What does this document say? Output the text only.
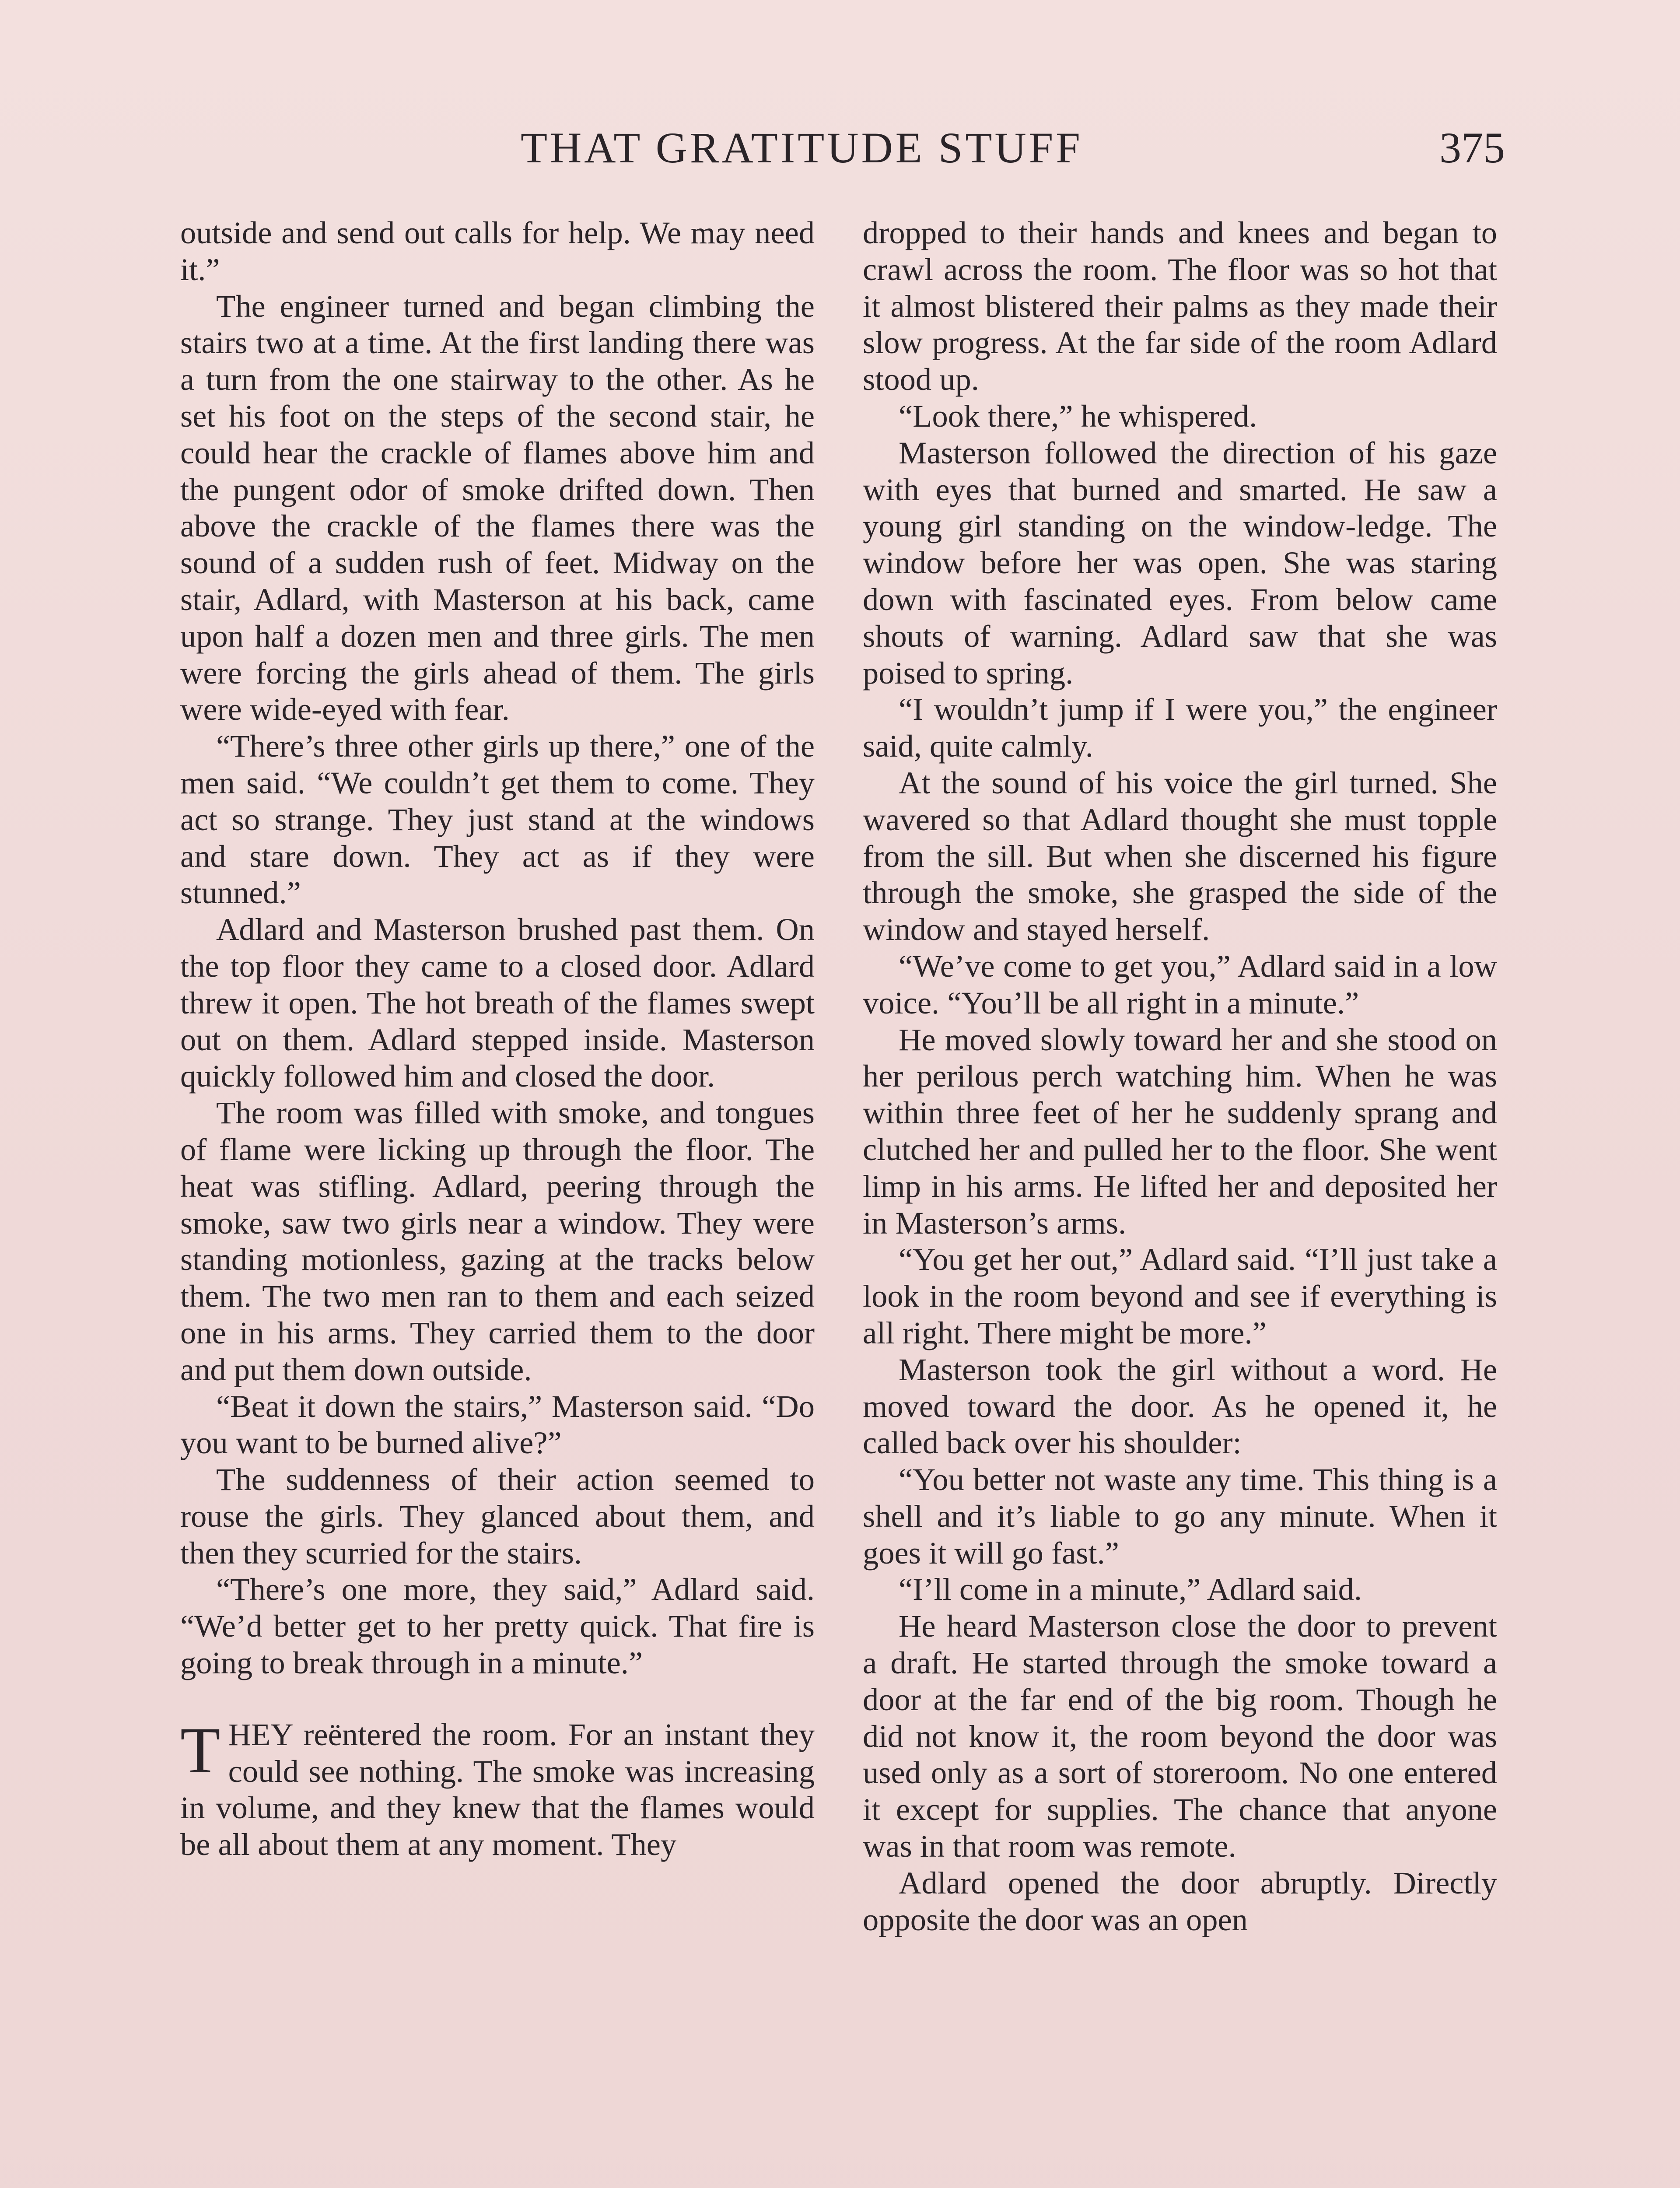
THAT GRATITUDE STUFF	375

outside and send out calls for help. We may need it.”

The engineer turned and began climbing the stairs two at a time. At the first landing there was a turn from the one stairway to the other. As he set his foot on the steps of the second stair, he could hear the crackle of flames above him and the pungent odor of smoke drifted down. Then above the crackle of the flames there was the sound of a sudden rush of feet. Midway on the stair, Adlard, with Masterson at his back, came upon half a dozen men and three girls. The men were forcing the girls ahead of them. The girls were wide-eyed with fear.

“There’s three other girls up there,” one of the men said. “We couldn’t get them to come. They act so strange. They just stand at the windows and stare down. They act as if they were stunned.”

Adlard and Masterson brushed past them. On the top floor they came to a closed door. Adlard threw it open. The hot breath of the flames swept out on them. Adlard stepped inside. Masterson quickly followed him and closed the door.

The room was filled with smoke, and tongues of flame were licking up through the floor. The heat was stifling. Adlard, peering through the smoke, saw two girls near a window. They were standing motionless, gazing at the tracks below them. The two men ran to them and each seized one in his arms. They carried them to the door and put them down outside.

“Beat it down the stairs,” Masterson said. “Do you want to be burned alive?”

The suddenness of their action seemed to rouse the girls. They glanced about them, and then they scurried for the stairs.

“There’s one more, they said,” Adlard said. “We’d better get to her pretty quick. That fire is going to break through in a minute.”

THEY reëntered the room. For an instant they could see nothing. The smoke was increasing in volume, and they knew that the flames would be all about them at any moment. They

dropped to their hands and knees and began to crawl across the room. The floor was so hot that it almost blistered their palms as they made their slow progress. At the far side of the room Adlard stood up.

“Look there,” he whispered.

Masterson followed the direction of his gaze with eyes that burned and smarted. He saw a young girl standing on the window-ledge. The window before her was open. She was staring down with fascinated eyes. From below came shouts of warning. Adlard saw that she was poised to spring.

“I wouldn’t jump if I were you,” the engineer said, quite calmly.

At the sound of his voice the girl turned. She wavered so that Adlard thought she must topple from the sill. But when she discerned his figure through the smoke, she grasped the side of the window and stayed herself.

“We’ve come to get you,” Adlard said in a low voice. “You’ll be all right in a minute.”

He moved slowly toward her and she stood on her perilous perch watching him. When he was within three feet of her he suddenly sprang and clutched her and pulled her to the floor. She went limp in his arms. He lifted her and deposited her in Masterson’s arms.

“You get her out,” Adlard said. “I’ll just take a look in the room beyond and see if everything is all right. There might be more.”

Masterson took the girl without a word. He moved toward the door. As he opened it, he called back over his shoulder:

“You better not waste any time. This thing is a shell and it’s liable to go any minute. When it goes it will go fast.”

“I’ll come in a minute,” Adlard said.

He heard Masterson close the door to prevent a draft. He started through the smoke toward a door at the far end of the big room. Though he did not know it, the room beyond the door was used only as a sort of storeroom. No one entered it except for supplies. The chance that anyone was in that room was remote.

Adlard opened the door abruptly. Directly opposite the door was an open
